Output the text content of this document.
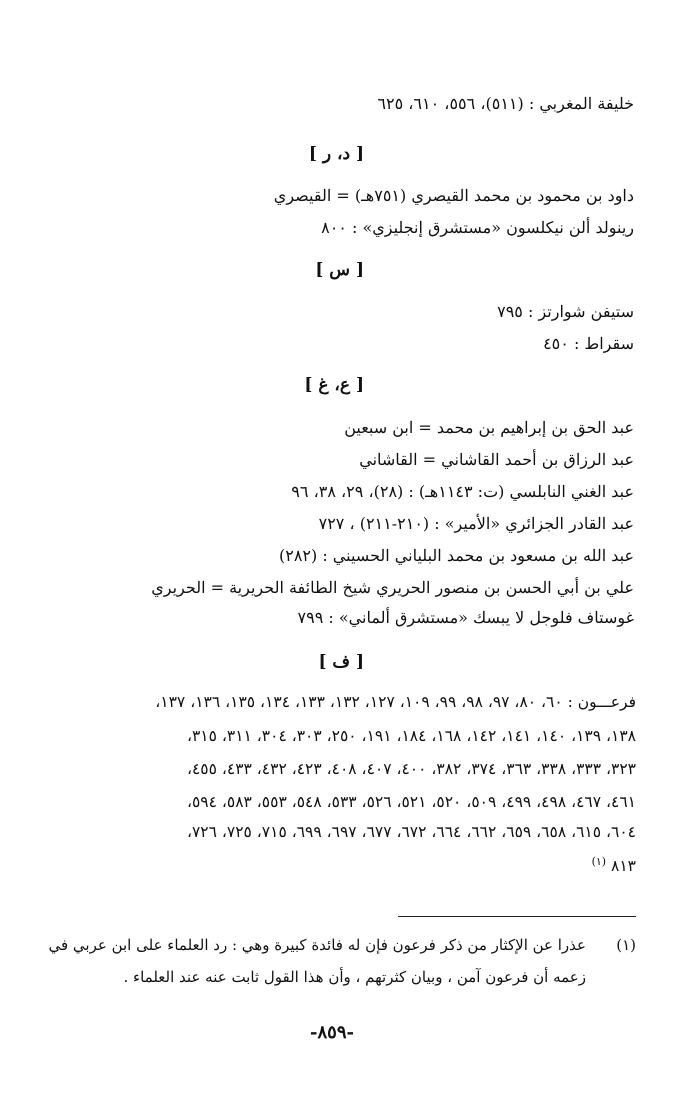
خليفة المغربي : (٥١١)، ٥٥٦، ٦١٠، ٦٢٥
[ د، ر ]
داود بن محمود بن محمد القيصري (٧٥١هـ) = القيصري
رينولد ألن نيكلسون «مستشرق إنجليزي» : ٨٠٠
[ س ]
ستيفن شوارتز : ٧٩٥
سقراط : ٤٥٠
[ ع، غ ]
عبد الحق بن إبراهيم بن محمد = ابن سبعين
عبد الرزاق بن أحمد القاشاني = القاشاني
عبد الغني النابلسي (ت: ١١٤٣هـ) : (٢٨)، ٢٩، ٣٨، ٩٦
عبد القادر الجزائري «الأمير» : (٢١٠-٢١١) ، ٧٢٧
عبد الله بن مسعود بن محمد البلياني الحسيني : (٢٨٢)
علي بن أبي الحسن بن منصور الحريري شيخ الطائفة الحريرية = الحريري
غوستاف فلوجل لا يبسك «مستشرق ألماني» : ٧٩٩
[ ف ]
فرعـــون : ٦٠، ٨٠، ٩٧، ٩٨، ٩٩، ١٠٩، ١٢٧، ١٣٢، ١٣٣، ١٣٤، ١٣٥، ١٣٦، ١٣٧،
١٣٨، ١٣٩، ١٤٠، ١٤١، ١٤٢، ١٦٨، ١٨٤، ١٩١، ٢٥٠، ٣٠٣، ٣٠٤، ٣١١، ٣١٥،
٣٢٣، ٣٣٣، ٣٣٨، ٣٦٣، ٣٧٤، ٣٨٢، ٤٠٠، ٤٠٧، ٤٠٨، ٤٢٣، ٤٣٢، ٤٣٣، ٤٥٥،
٤٦١، ٤٦٧، ٤٩٨، ٤٩٩، ٥٠٩، ٥٢٠، ٥٢١، ٥٢٦، ٥٣٣، ٥٤٨، ٥٥٣، ٥٨٣، ٥٩٤،
٦٠٤، ٦١٥، ٦٥٨، ٦٥٩، ٦٦٢، ٦٦٤، ٦٧٢، ٦٧٧، ٦٩٧، ٦٩٩، ٧١٥، ٧٢٥، ٧٢٦،
٨١٣ $^{(١)}$
(١)
عذرا عن الإكثار من ذكر فرعون فإن له فائدة كبيرة وهي : رد العلماء على ابن عربي في
زعمه أن فرعون آمن ، وبيان كثرتهم ، وأن هذا القول ثابت عنه عند العلماء .
-٨٥٩-
